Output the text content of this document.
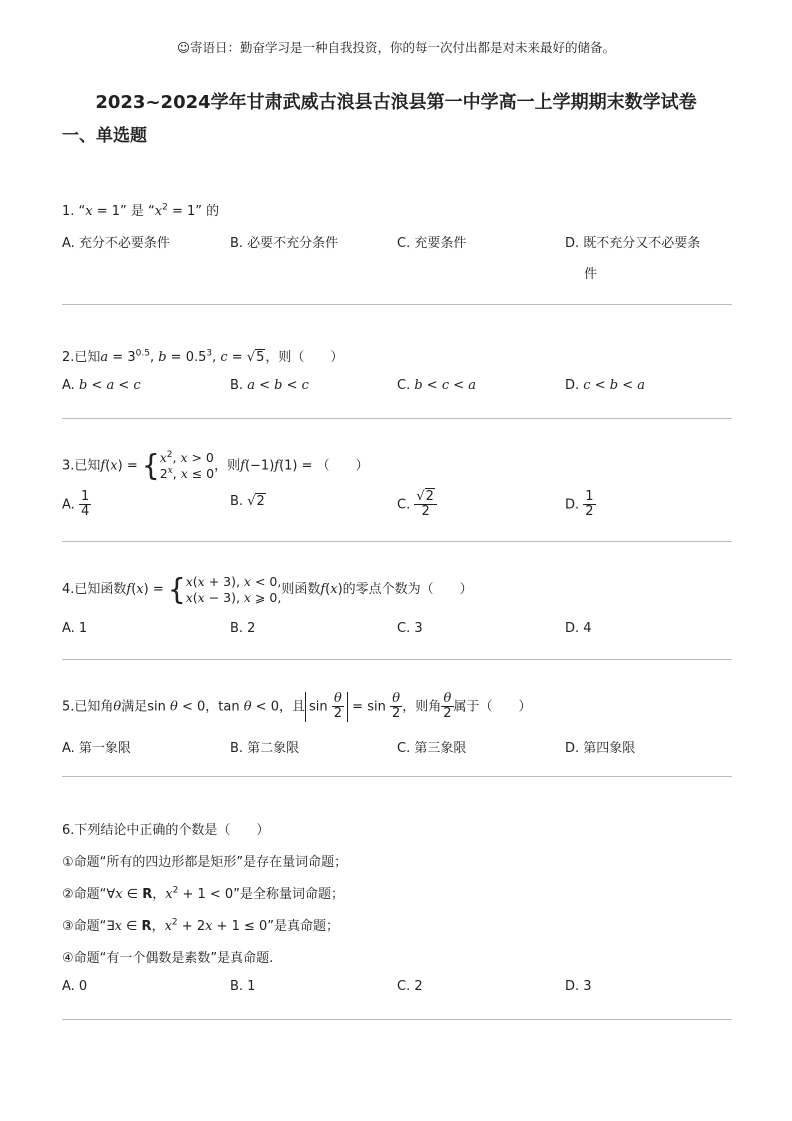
☺寄语日：勤奋学习是一种自我投资，你的每一次付出都是对未来最好的储备。
2023~2024学年甘肃武威古浪县古浪县第一中学高一上学期期末数学试卷
一、单选题
1. “x = 1” 是 “$x^2 = 1$” 的
A. 充分不必要条件	B. 必要不充分条件	C. 充要条件	D. 既不充分又不必要条
件
2.已知$a = 3^{0.5}$, $b = 0.5^3$, c = √5，则（　　）
A. b < a < c	B. a < b < c	C. b < c < a	D. c < b < a
3.已知$f(x) = \{x^2$, x > 0
2$^x$, x ≤ 0，则f(−1)f(1) = （　　）
A. $\frac{1}{4}$	B. √2	C. $\frac{√2}{2}$	D. $\frac{1}{2}$
4.已知函数f(x) = {x(x + 3), x < 0,
x(x − 3), x ⩾ 0,则函数f(x)的零点个数为（　　）
A. 1	B. 2	C. 3	D. 4
5.已知角θ满足sin θ < 0，tan θ < 0，且 $\sin \frac{\theta}{2} = \sin \frac{\theta}{2}$ ，则角 $\frac{\theta}{2}$ 属于（　　）
A. 第一象限	B. 第二象限	C. 第三象限	D. 第四象限
6.下列结论中正确的个数是（　　）
①命题“所有的四边形都是矩形”是存在量词命题；
②命题“∀x ∈ R，$x^2 + 1 < 0$”是全称量词命题；
③命题“∃x ∈ R，$x^2 + 2x + 1 \le 0$”是真命题；
④命题“有一个偶数是素数”是真命题.
A. 0	B. 1	C. 2	D. 3
